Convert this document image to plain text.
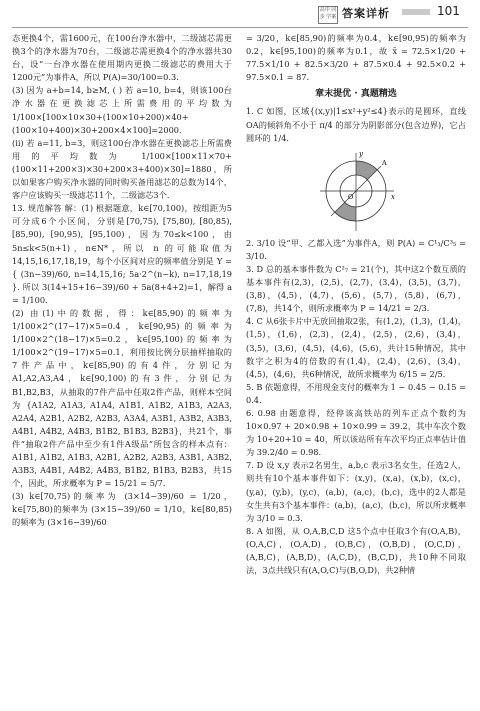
高中 同步 学案 答案详析	101

态更换4个，需1600元，在100台净水器中，二级滤芯需更换3个的净水器为70台，二级滤芯需更换4个的净水器共30台，设“一台净水器在使用期内更换二级滤芯的费用大于1200元”为事件A，所以 P(A)=30/100=0.3.

(3) 因为 a+b=14, b≥M, ( ) 若 a=10, b=4，则该100台净水器在更换滤芯上所需费用的平均数为 1/100×[100×10×30+(100×10+200)×40+(100×10+400)×30+200×4×100]=2000.

(ii) 若 a=11, b=3，则这100台净水器在更换滤芯上所需费用的平均数为 1/100×[100×11×70+(100×11+200×3)×30+200×3+400)×30]=1880，所以如果客户购买净水器的同时购买备用滤芯的总数为14个，客户应该购买一级滤芯11个，二级滤芯3个.

13. 规范解答 解：(1) 根据题意，k∈[70,100)，按组距为5可分成6个小区间，分别是[70,75), [75,80), [80,85), [85,90), [90,95), [95,100)，因为70≤k<100，由 5n≤k<5(n+1)，n∈N*，所以 n 的可能取值为14,15,16,17,18,19，每个小区间对应的频率值分别是 Y = { (3n−39)/60, n=14,15,16; 5a·2^(n−k), n=17,18,19 }. 所以 3(14+15+16−39)/60 + 5a(8+4+2)=1，解得 a = 1/100.

(2) 由(1)中的数据，得：k∈[85,90)的频率为 1/100×2^(17−17)×5=0.4，k∈[90,95)的频率为 1/100×2^(18−17)×5=0.2，k∈[95,100)的频率为 1/100×2^(19−17)×5=0.1，利用按比例分层抽样抽取的7件产品中，k∈[85,90)的有4件，分别记为 A1,A2,A3,A4，k∈[90,100)的有3件，分别记为 B1,B2,B3，从抽取的7件产品中任取2件产品，则样本空间为 {A1A2, A1A3, A1A4, A1B1, A1B2, A1B3, A2A3, A2A4, A2B1, A2B2, A2B3, A3A4, A3B1, A3B2, A3B3, A4B1, A4B2, A4B3, B1B2, B1B3, B2B3}，共21个，事件“抽取2件产品中至少有1件A级品”所包含的样本点有：A1B1, A1B2, A1B3, A2B1, A2B2, A2B3, A3B1, A3B2, A3B3, A4B1, A4B2, A4B3, B1B2, B1B3, B2B3，共15个，因此，所求概率为 P = 15/21 = 5/7.

(3) k∈[70,75)的频率为 (3×14−39)/60 = 1/20，k∈[75,80)的频率为 (3×15−39)/60 = 1/10，k∈[80,85)的频率为 (3×16−39)/60

= 3/20，k∈[85,90)的频率为0.4，k∈[90,95)的频率为 0.2，k∈[95,100)的频率为0.1，故 x̄ = 72.5×1/20 + 77.5×1/10 + 82.5×3/20 + 87.5×0.4 + 92.5×0.2 + 97.5×0.1 = 87.

章末提优 · 真题精选

1. C 如图，区域{(x,y)|1≤x²+y²≤4}表示的是圆环，直线OA的倾斜角不小于 π/4 的部分为阴影部分(包含边界)，它占圆环的 1/4.

y
x
O
A

2. 3/10 设“甲、乙都入选”为事件A，则 P(A) = C¹₃/C³₅ = 3/10.

3. D 总的基本事件数为 C²₇ = 21(个)，其中这2个数互质的基本事件有(2,3)，(2,5)，(2,7)，(3,4)，(3,5)，(3,7)，(3,8)，(4,5)，(4,7)，(5,6)，(5,7)，(5,8)，(6,7)，(7,8)，共14个，则所求概率为 P = 14/21 = 2/3.

4. C 从6张卡片中无放回抽取2张，有(1,2)，(1,3)，(1,4)，(1,5)，(1,6)，(2,3)，(2,4)，(2,5)，(2,6)，(3,4)，(3,5)，(3,6)，(4,5)，(4,6)，(5,6)，共计15种情况，其中数字之积为4的倍数的有(1,4)，(2,4)，(2,6)，(3,4)，(4,5)，(4,6)，共6种情况，故所求概率为 6/15 = 2/5.

5. B 依题意得，不用现金支付的概率为 1 − 0.45 − 0.15 = 0.4.

6. 0.98 由题意得，经停该高铁站的列车正点个数约为 10×0.97 + 20×0.98 + 10×0.99 = 39.2，其中车次个数为 10+20+10 = 40，所以该站所有车次平均正点率估计值为 39.2/40 = 0.98.

7. D 设 x,y 表示2名男生，a,b,c 表示3名女生，任选2人，则共有10个基本事件如下：(x,y)，(x,a)，(x,b)，(x,c)，(y,a)，(y,b)，(y,c)，(a,b)，(a,c)，(b,c)，选中的2人都是女生共有3个基本事件：(a,b)，(a,c)，(b,c)，所以所求概率为 3/10 = 0.3.

8. A 如图，从 O,A,B,C,D 这5个点中任取3个有(O,A,B)，(O,A,C)，(O,A,D)，(O,B,C)，(O,B,D)，(O,C,D)，(A,B,C)，(A,B,D)，(A,C,D)，(B,C,D)，共10种不同取法，3点共线只有(A,O,C)与(B,O,D)，共2种情
